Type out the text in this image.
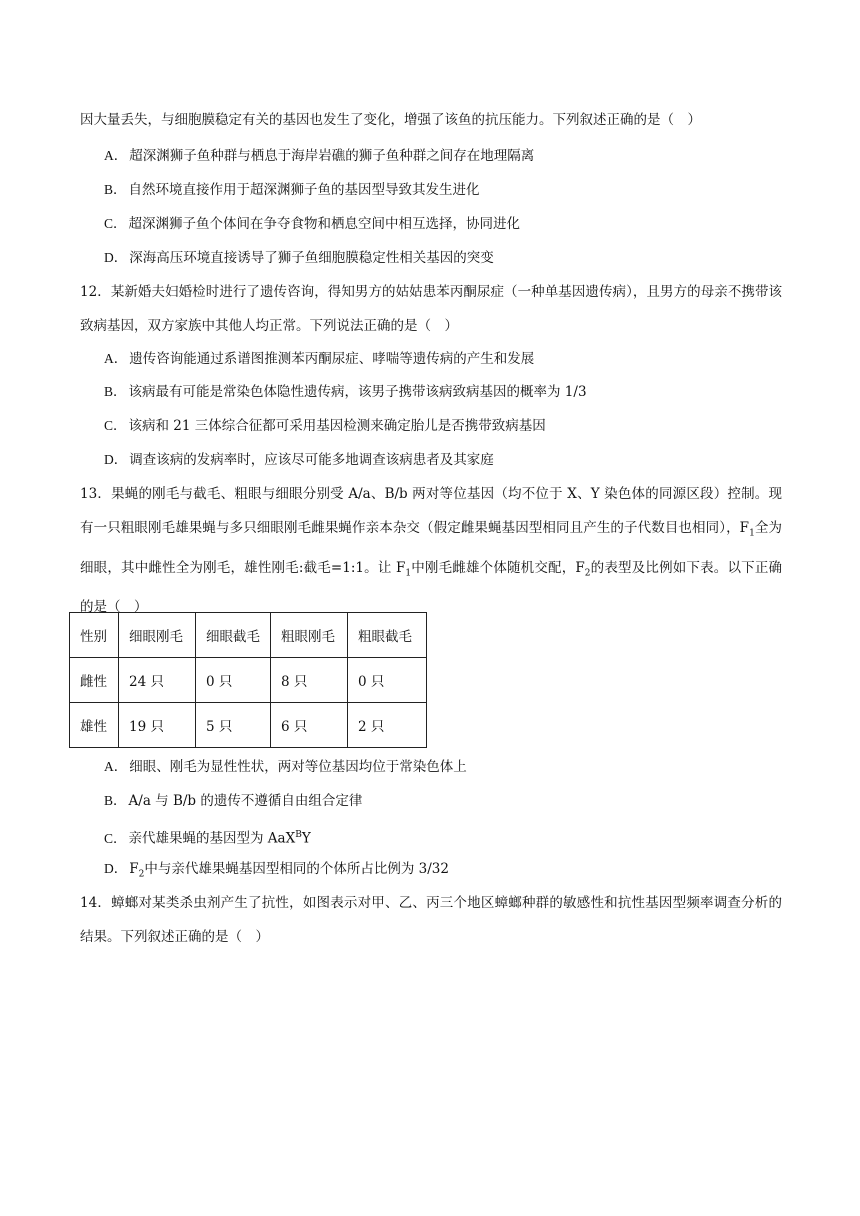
因大量丢失，与细胞膜稳定有关的基因也发生了变化，增强了该鱼的抗压能力。下列叙述正确的是（　）
A． 超深渊狮子鱼种群与栖息于海岸岩礁的狮子鱼种群之间存在地理隔离
B． 自然环境直接作用于超深渊狮子鱼的基因型导致其发生进化
C． 超深渊狮子鱼个体间在争夺食物和栖息空间中相互选择，协同进化
D． 深海高压环境直接诱导了狮子鱼细胞膜稳定性相关基因的突变
12．某新婚夫妇婚检时进行了遗传咨询，得知男方的姑姑患苯丙酮尿症（一种单基因遗传病），且男方的母亲不携带该致病基因，双方家族中其他人均正常。下列说法正确的是（　）
A． 遗传咨询能通过系谱图推测苯丙酮尿症、哮喘等遗传病的产生和发展
B． 该病最有可能是常染色体隐性遗传病，该男子携带该病致病基因的概率为 1/3
C． 该病和 21 三体综合征都可采用基因检测来确定胎儿是否携带致病基因
D． 调查该病的发病率时，应该尽可能多地调查该病患者及其家庭
13．果蝇的刚毛与截毛、粗眼与细眼分别受 A/a、B/b 两对等位基因（均不位于 X、Y 染色体的同源区段）控制。现有一只粗眼刚毛雄果蝇与多只细眼刚毛雌果蝇作亲本杂交（假定雌果蝇基因型相同且产生的子代数目也相同），$F_1$全为细眼，其中雌性全为刚毛，雄性刚毛:截毛=1:1。让 $F_1$中刚毛雌雄个体随机交配，$F_2$的表型及比例如下表。以下正确的是（　）
性别	细眼刚毛	细眼截毛	粗眼刚毛	粗眼截毛
雌性	24 只	0 只	8 只	0 只
雄性	19 只	5 只	6 只	2 只
A． 细眼、刚毛为显性性状，两对等位基因均位于常染色体上
B． A/a 与 B/b 的遗传不遵循自由组合定律
C． 亲代雄果蝇的基因型为 AaX$^B$Y
D． $F_2$中与亲代雄果蝇基因型相同的个体所占比例为 3/32
14．蟑螂对某类杀虫剂产生了抗性，如图表示对甲、乙、丙三个地区蟑螂种群的敏感性和抗性基因型频率调查分析的结果。下列叙述正确的是（　）
